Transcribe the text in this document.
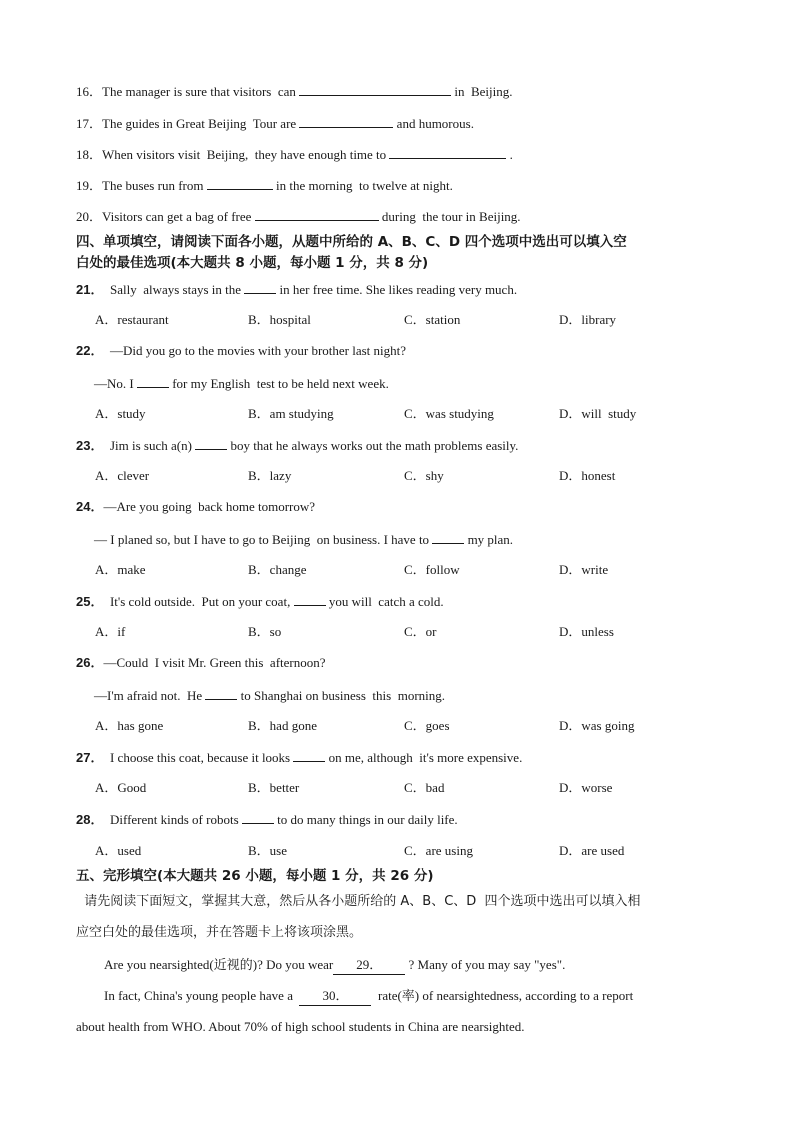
16．The manager is sure that visitors  can	in  Beijing.
17．The guides in Great Beijing  Tour are	and humorous.
18．When visitors visit  Beijing,  they have enough time to	.
19．The buses run from	in the morning  to twelve at night.
20．Visitors can get a bag of free	during  the tour in Beijing.
四、单项填空，请阅读下面各小题，从题中所给的 A、B、C、D 四个选项中选出可以填入空
白处的最佳选项(本大题共 8 小题，每小题 1 分，共 8 分)
21．  Sally  always stays in the  in her free time. She likes reading very much.
A．restaurant	B．hospital	C．station	D．library
22．  —Did you go to the movies with your brother last night?
—No. I  for my English  test to be held next week.
A．study	B．am studying	C．was studying	D．will  study
23．  Jim is such a(n)  boy that he always works out the math problems easily.
A．clever	B．lazy	C．shy	D．honest
24．—Are you going  back home tomorrow?
— I planed so, but I have to go to Beijing  on business. I have to  my plan.
A．make	B．change	C．follow	D．write
25．  It's cold outside.  Put on your coat,  you will  catch a cold.
A．if	B．so	C．or	D．unless
26．—Could  I visit Mr. Green this  afternoon?
—I'm afraid not.  He  to Shanghai on business  this  morning.
A．has gone	B．had gone	C．goes	D．was going
27．  I choose this coat, because it looks  on me, although  it's more expensive.
A．Good	B．better	C．bad	D．worse
28．  Different kinds of robots  to do many things in our daily life.
A．used	B．use	C．are using	D．are used
五、完形填空(本大题共 26 小题，每小题 1 分，共 26 分)
请先阅读下面短文，掌握其大意，然后从各小题所给的 A、B、C、D  四个选项中选出可以填入相
应空白处的最佳选项，并在答题卡上将该项涂黑。
Are you nearsighted(近视的)? Do you wear 29． ? Many of you may say "yes".
In fact, China's young people have a  30．  rate(率) of nearsightedness, according to a report
about health from WHO. About 70% of high school students in China are nearsighted.
